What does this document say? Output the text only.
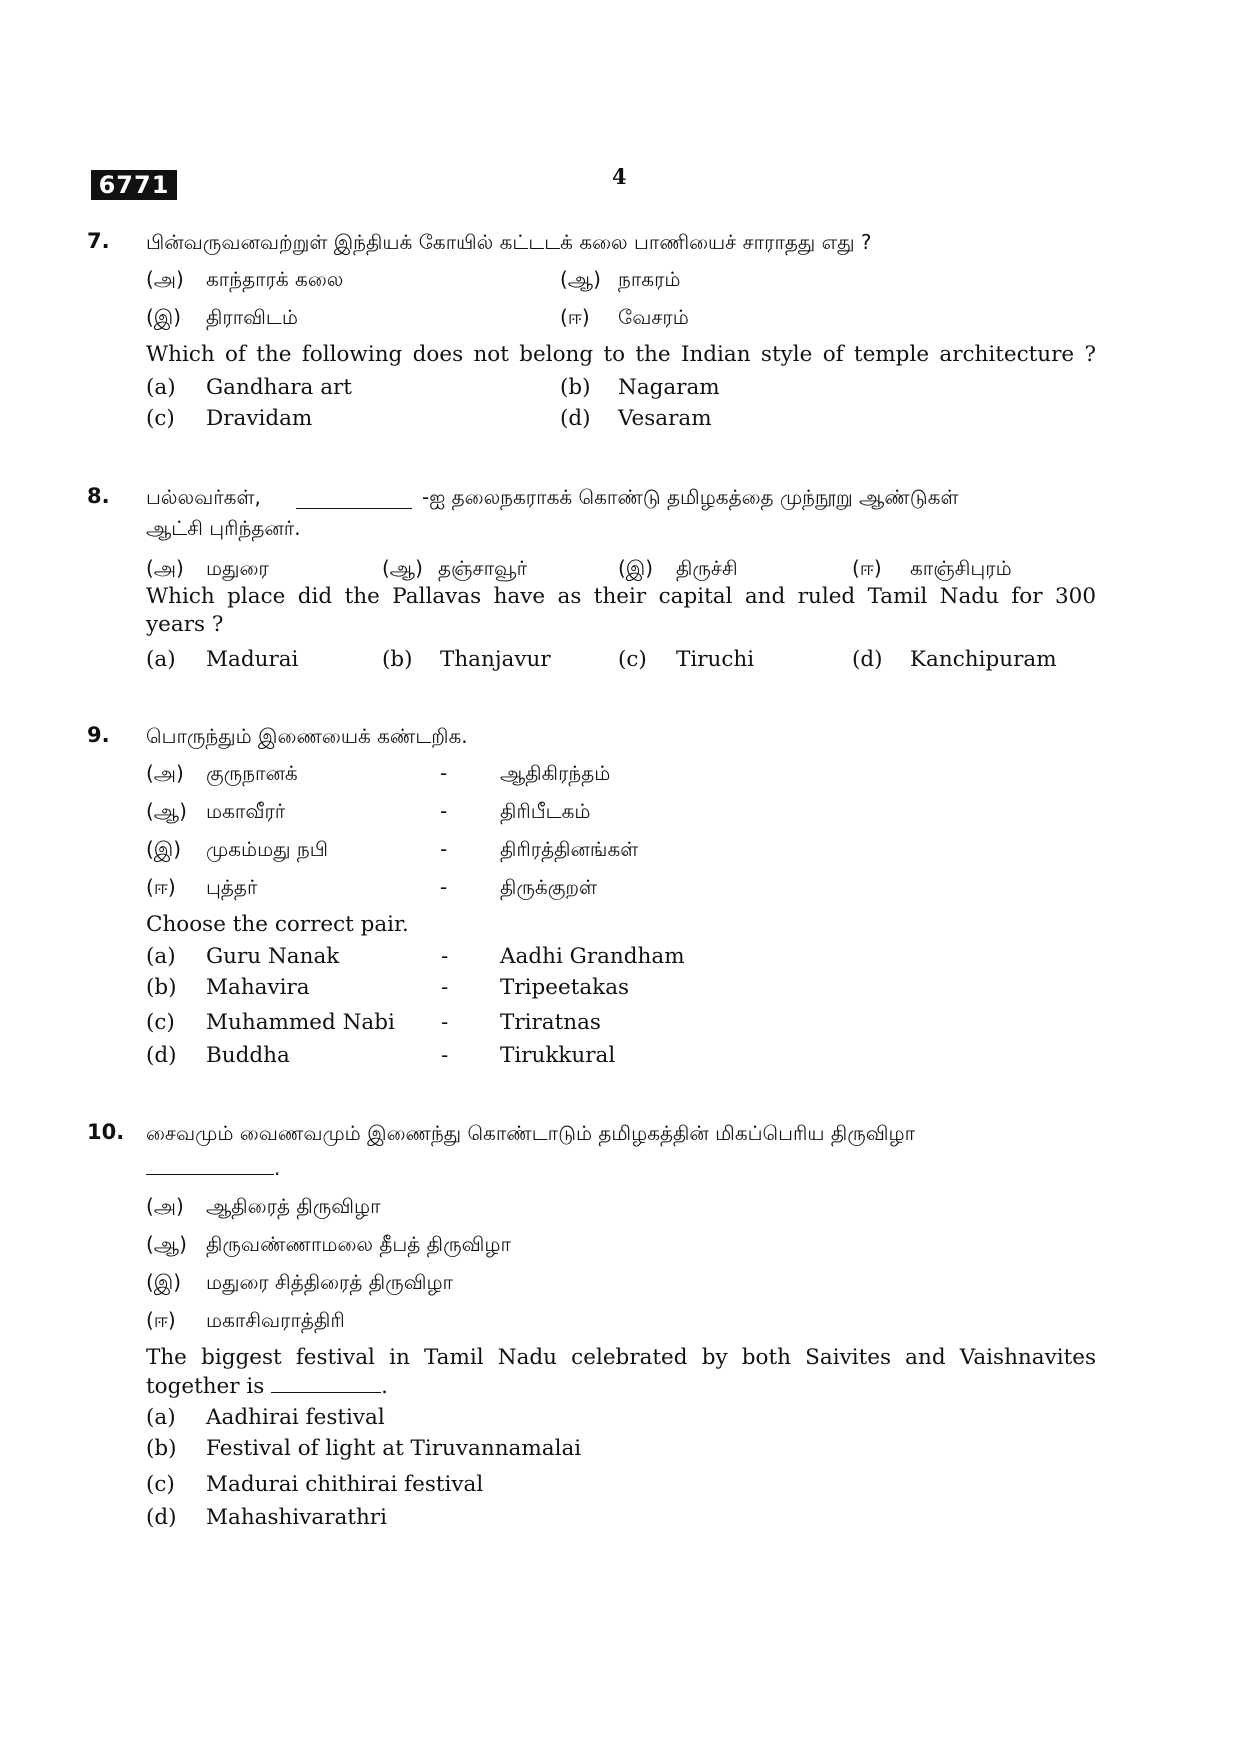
6771	4
7. பின்வருவனவற்றுள் இந்தியக் கோயில் கட்டடக் கலை பாணியைச் சாராதது எது ?
(அ) காந்தாரக் கலை	(ஆ) நாகரம்
(இ) திராவிடம்	(ஈ) வேசரம்
Which of the following does not belong to the Indian style of temple architecture ?
(a) Gandhara art	(b) Nagaram
(c) Dravidam	(d) Vesaram
8. பல்லவர்கள்,	-ஐ தலைநகராகக் கொண்டு தமிழகத்தை முந்நூறு ஆண்டுகள்
ஆட்சி புரிந்தனர்.
(அ) மதுரை	(ஆ) தஞ்சாவூர்	(இ) திருச்சி	(ஈ) காஞ்சிபுரம்
Which place did the Pallavas have as their capital and ruled Tamil Nadu for 300
years ?
(a) Madurai	(b) Thanjavur	(c) Tiruchi	(d) Kanchipuram
9. பொருந்தும் இணையைக் கண்டறிக.
(அ) குருநானக்	-	ஆதிகிரந்தம்
(ஆ) மகாவீரர்	-	திரிபீடகம்
(இ) முகம்மது நபி	-	திரிரத்தினங்கள்
(ஈ) புத்தர்	-	திருக்குறள்
Choose the correct pair.
(a) Guru Nanak	- Aadhi Grandham
(b) Mahavira	- Tripeetakas
(c) Muhammed Nabi - Triratnas
(d) Buddha	- Tirukkural
10. சைவமும் வைணவமும் இணைந்து கொண்டாடும் தமிழகத்தின் மிகப்பெரிய திருவிழா
.
(அ) ஆதிரைத் திருவிழா
(ஆ) திருவண்ணாமலை தீபத் திருவிழா
(இ) மதுரை சித்திரைத் திருவிழா
(ஈ) மகாசிவராத்திரி
The biggest festival in Tamil Nadu celebrated by both Saivites and Vaishnavites
together is	.
(a) Aadhirai festival
(b) Festival of light at Tiruvannamalai
(c) Madurai chithirai festival
(d) Mahashivarathri
